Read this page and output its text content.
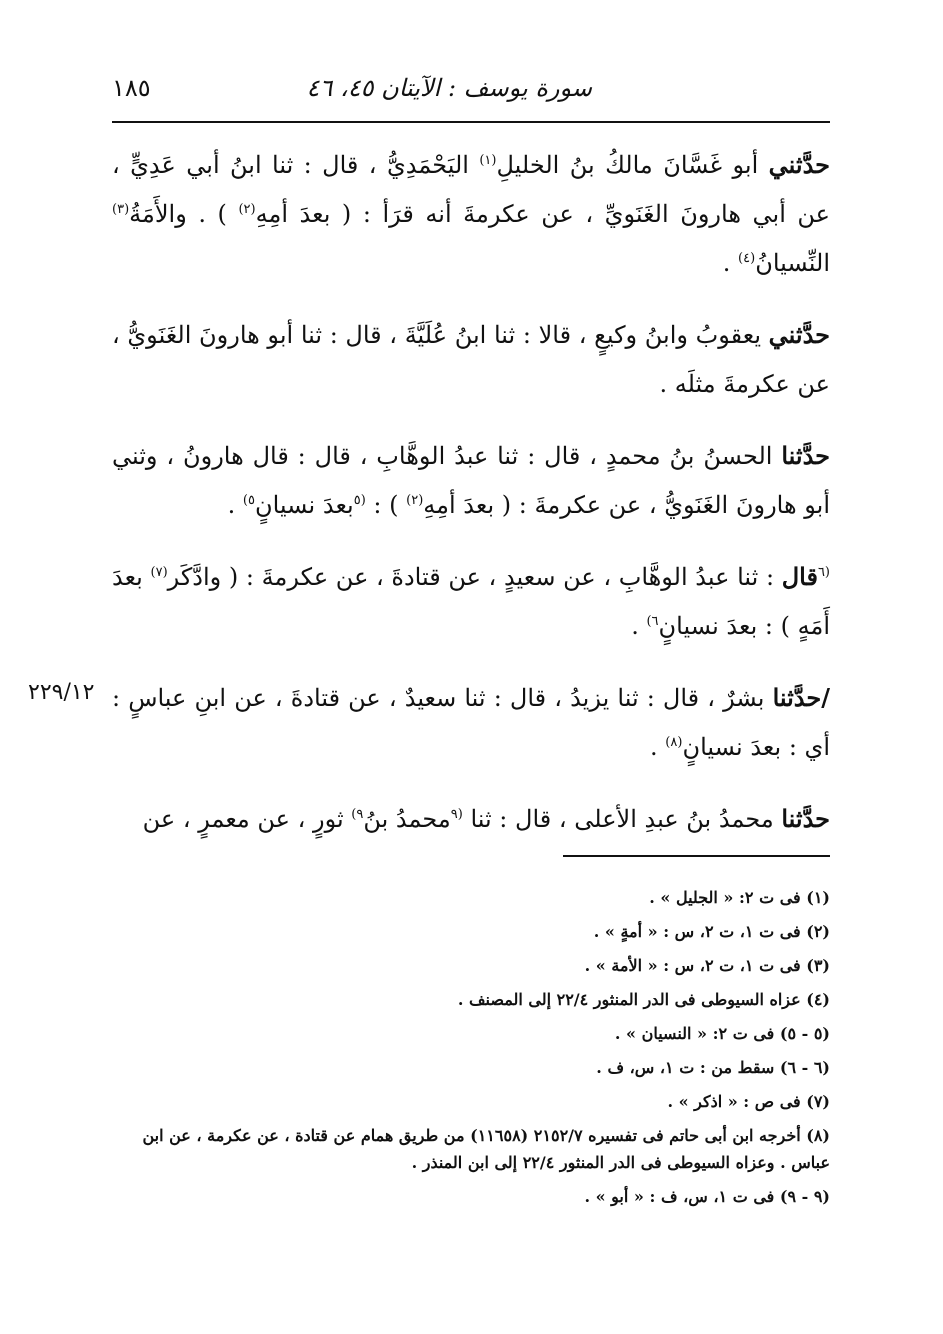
سورة يوسف : الآيتان ٤٥، ٤٦
١٨٥
٢٢٩/١٢

حدَّثني أبو غَسَّانَ مالكُ بنُ الخليلِ$^{(١)}$ اليَحْمَدِيُّ ، قال : ثنا ابنُ أبي عَدِيٍّ ، عن أبي هارونَ الغَنَويِّ ، عن عكرمةَ أنه قرَأ : ( بعدَ أمِهِ$^{(٢)}$ ) . والأَمَةُ$^{(٣)}$ النِّسيانُ$^{(٤)}$ .

حدَّثني يعقوبُ وابنُ وكيعٍ ، قالا : ثنا ابنُ عُلَيَّةَ ، قال : ثنا أبو هارونَ الغَنَويُّ ، عن عكرمةَ مثلَه .

حدَّثنا الحسنُ بنُ محمدٍ ، قال : ثنا عبدُ الوهَّابِ ، قال : قال هارونُ ، وثني أبو هارونَ الغَنَويُّ ، عن عكرمةَ : ( بعدَ أمِهِ$^{(٢)}$ ) : $^{(٥}$بعدَ نسيانٍ$^{٥)}$ .

$^{(٦}$قال : ثنا عبدُ الوهَّابِ ، عن سعيدٍ ، عن قتادةَ ، عن عكرمةَ : ( وادَّكَر$^{(٧)}$ بعدَ أَمَهٍ ) : بعدَ نسيانٍ$^{٦)}$ .

/حدَّثنا بشرٌ ، قال : ثنا يزيدُ ، قال : ثنا سعيدٌ ، عن قتادةَ ، عن ابنِ عباسٍ : أي : بعدَ نسيانٍ$^{(٨)}$ .

حدَّثنا محمدُ بنُ عبدِ الأعلى ، قال : ثنا $^{(٩}$محمدُ بنُ$^{٩)}$ ثورٍ ، عن معمرٍ ، عن

(١) فى ت ٢: « الجليل » .
(٢) فى ت ١، ت ٢، س : « أمةٍ » .
(٣) فى ت ١، ت ٢، س : « الأمة » .
(٤) عزاه السيوطى فى الدر المنثور ٢٢/٤ إلى المصنف .
(٥ - ٥) فى ت ٢: « النسيان » .
(٦ - ٦) سقط من : ت ١، س، ف .
(٧) فى ص : « اذكر » .
(٨) أخرجه ابن أبى حاتم فى تفسيره ٢١٥٢/٧ (١١٦٥٨) من طريق همام عن قتادة ، عن عكرمة ، عن ابن عباس . وعزاه السيوطى فى الدر المنثور ٢٢/٤ إلى ابن المنذر .
(٩ - ٩) فى ت ١، س، ف : « أبو » .
